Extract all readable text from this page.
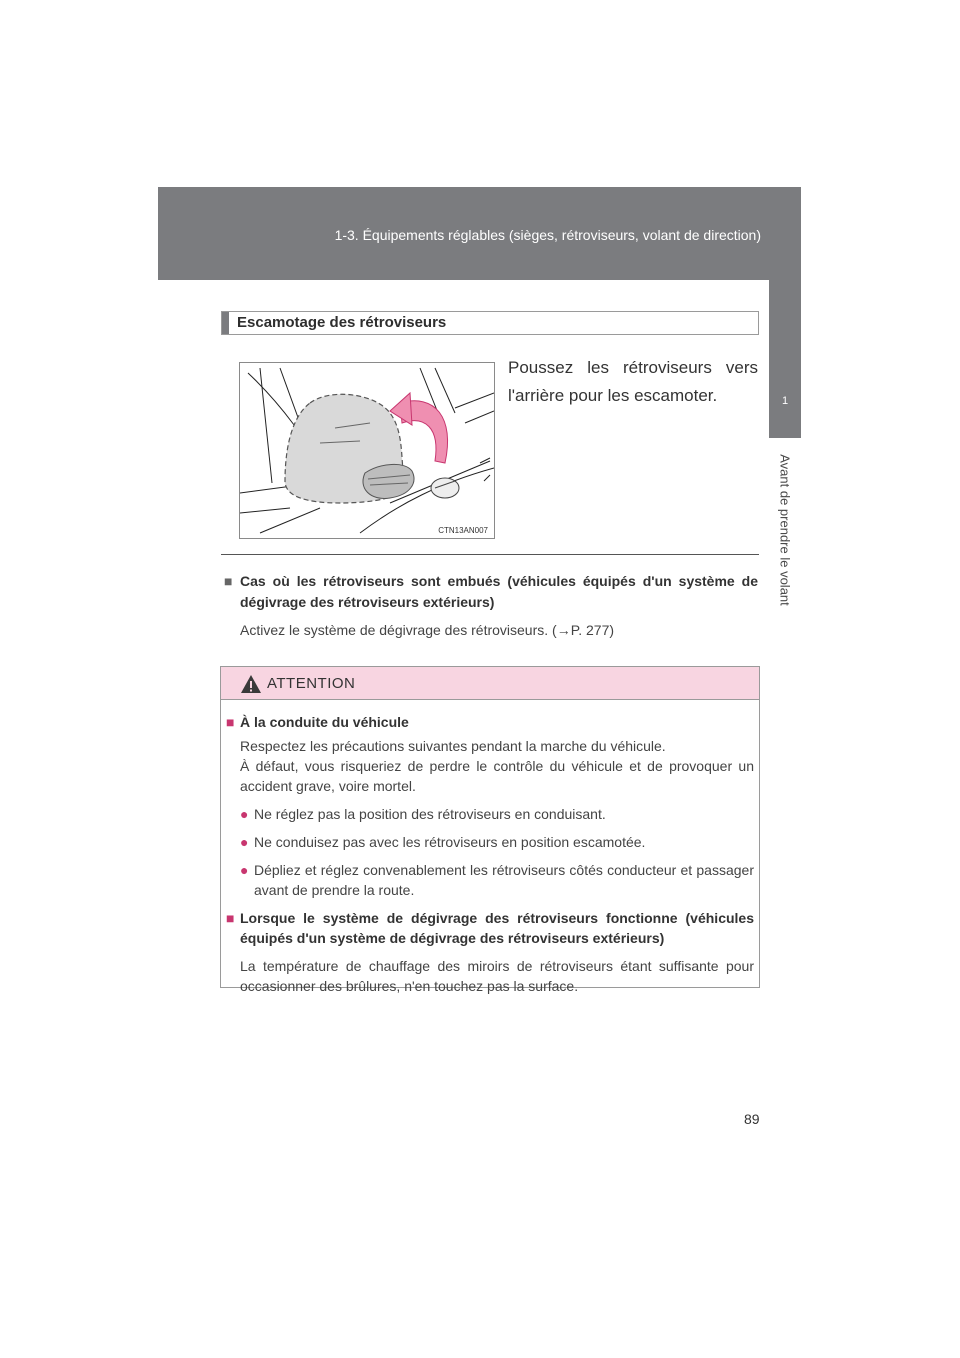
1-3. Équipements réglables (sièges, rétroviseurs, volant de direction)
1
Avant de prendre le volant
Escamotage des rétroviseurs
CTN13AN007
Poussez les rétroviseurs vers l'arrière pour les escamoter.
■ Cas où les rétroviseurs sont embués (véhicules équipés d'un système de dégivrage des rétroviseurs extérieurs)
Activez le système de dégivrage des rétroviseurs. (→P. 277)
ATTENTION
■ À la conduite du véhicule

Respectez les précautions suivantes pendant la marche du véhicule.

À défaut, vous risqueriez de perdre le contrôle du véhicule et de provoquer un accident grave, voire mortel.

● Ne réglez pas la position des rétroviseurs en conduisant.
● Ne conduisez pas avec les rétroviseurs en position escamotée.
● Dépliez et réglez convenablement les rétroviseurs côtés conducteur et passager avant de prendre la route.
■ Lorsque le système de dégivrage des rétroviseurs fonctionne (véhicules équipés d'un système de dégivrage des rétroviseurs extérieurs)

La température de chauffage des miroirs de rétroviseurs étant suffisante pour occasionner des brûlures, n'en touchez pas la surface.

89
